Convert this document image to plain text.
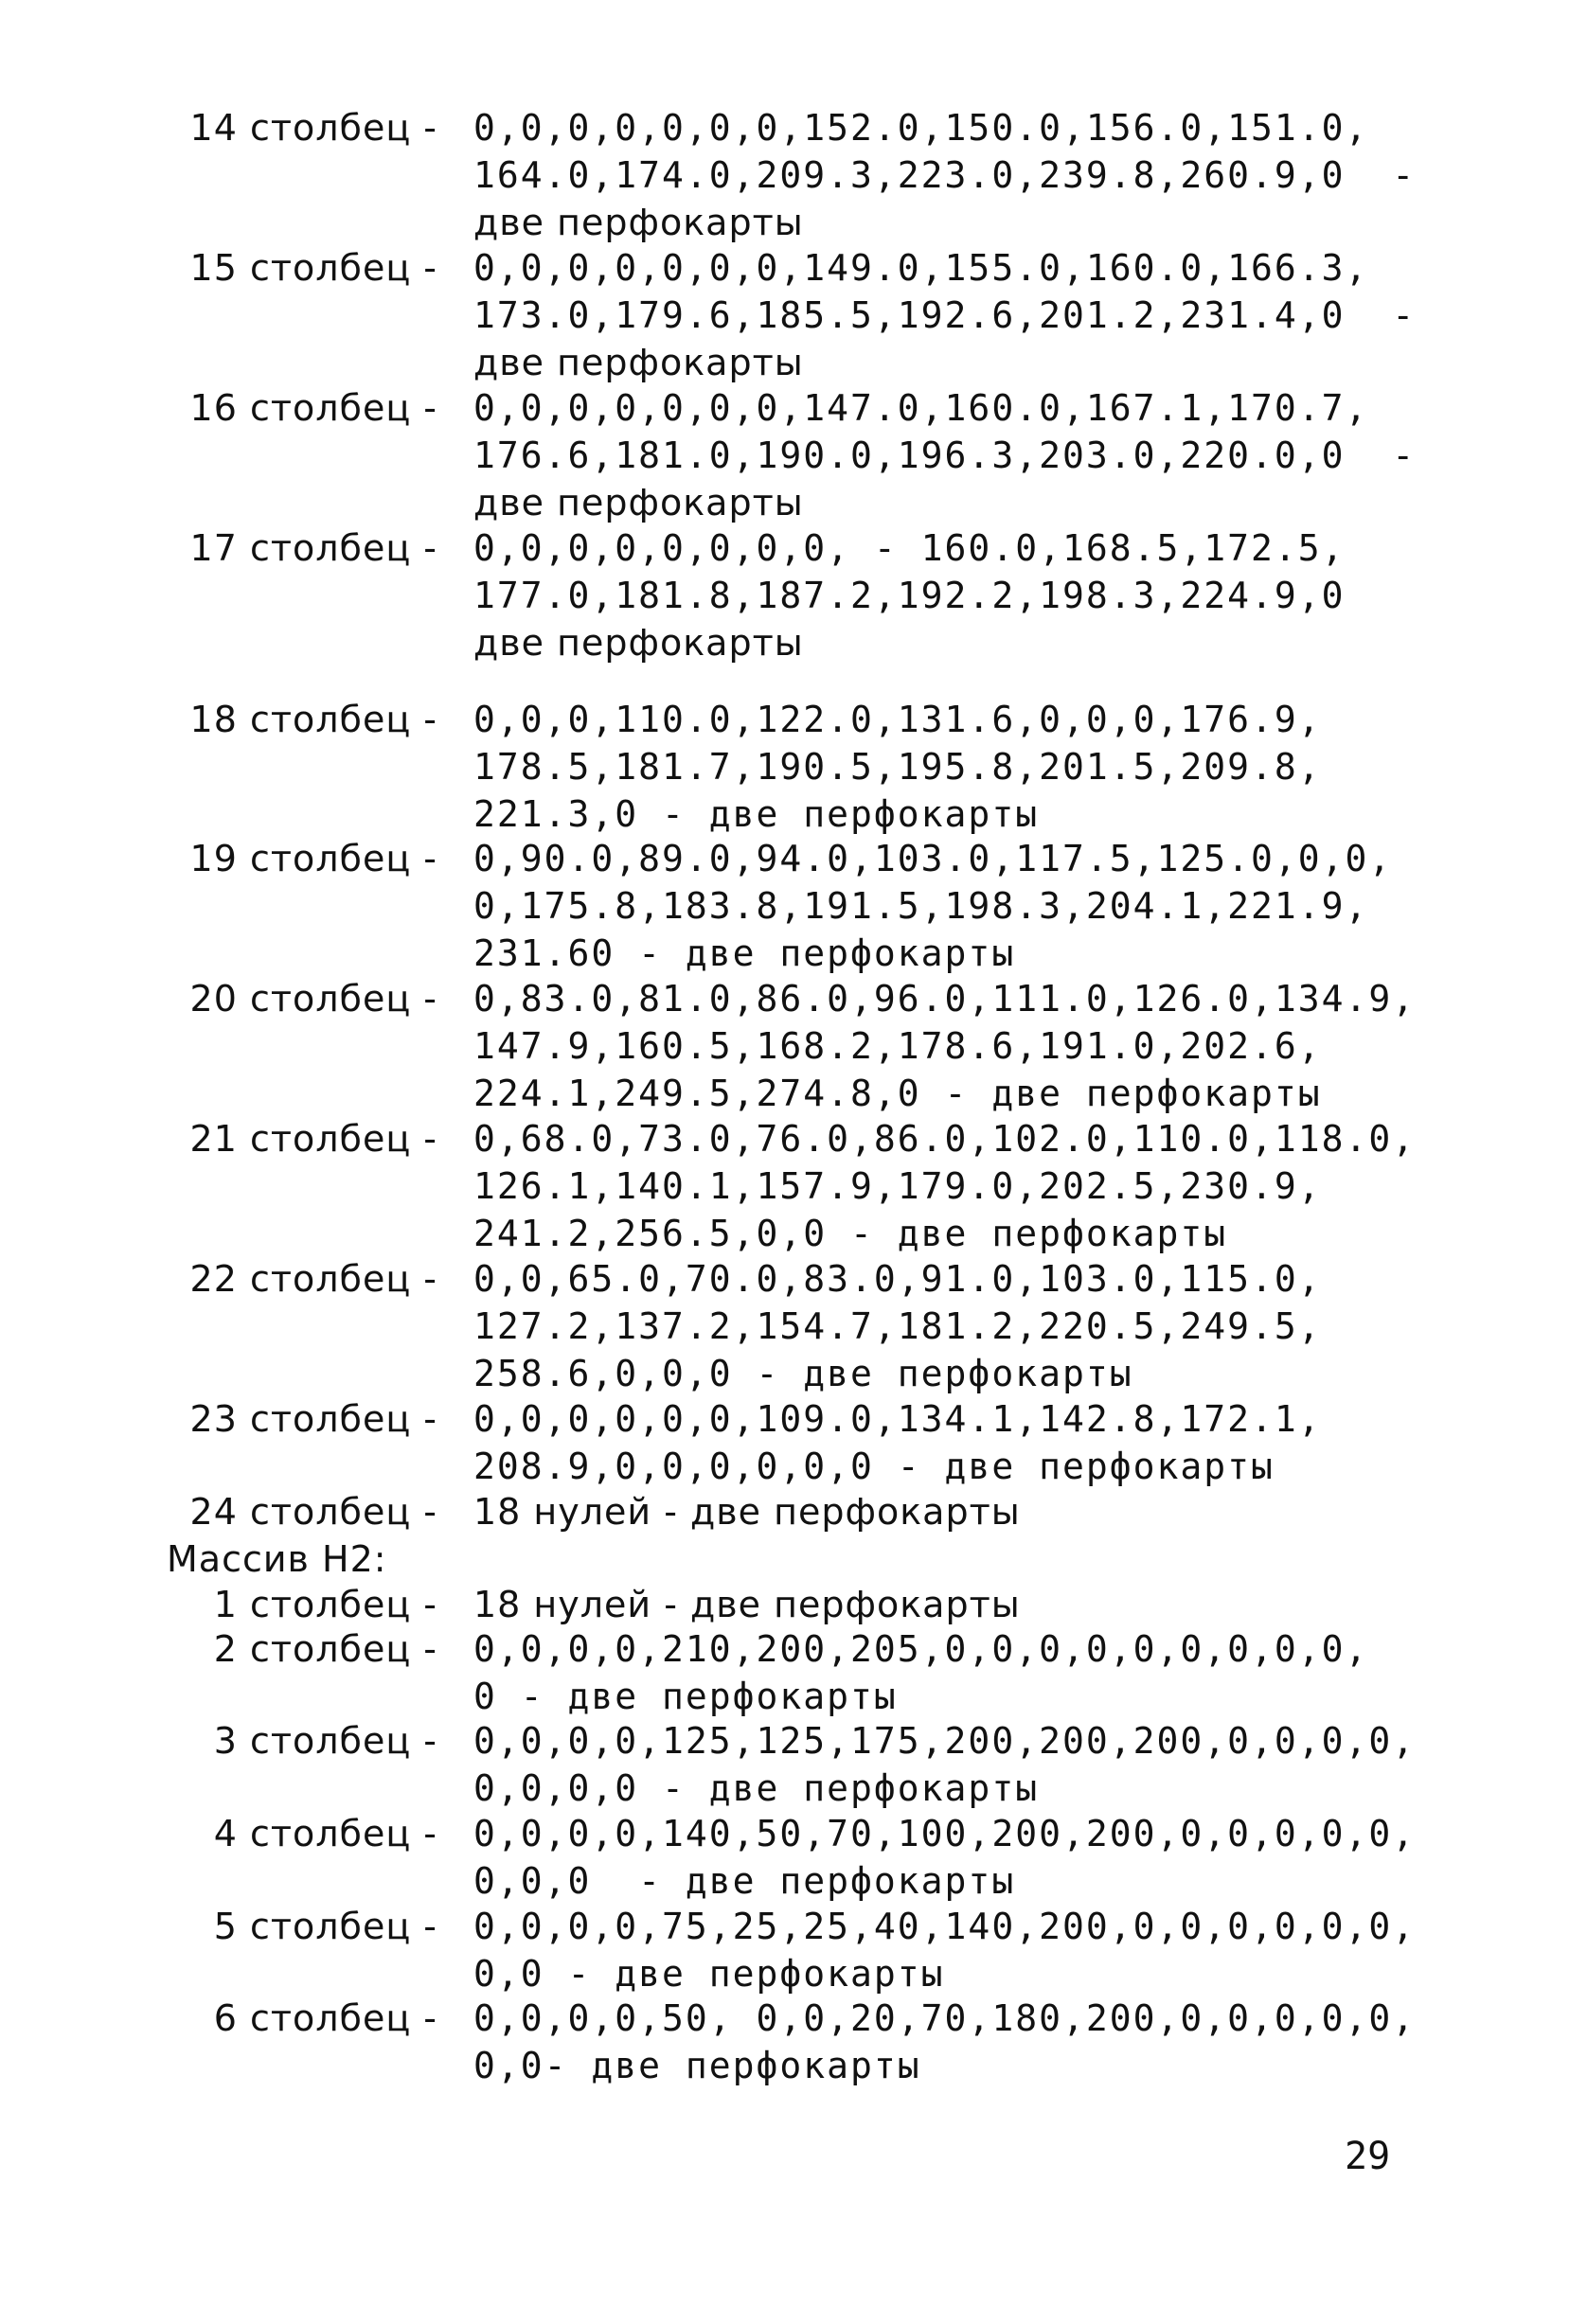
14 столбец - 0,0,0,0,0,0,0,152.0,150.0,156.0,151.0,
164.0,174.0,209.3,223.0,239.8,260.9,0  -
две перфокарты
15 столбец - 0,0,0,0,0,0,0,149.0,155.0,160.0,166.3,
173.0,179.6,185.5,192.6,201.2,231.4,0  -
две перфокарты
16 столбец - 0,0,0,0,0,0,0,147.0,160.0,167.1,170.7,
176.6,181.0,190.0,196.3,203.0,220.0,0  -
две перфокарты
17 столбец - 0,0,0,0,0,0,0,0, - 160.0,168.5,172.5,
177.0,181.8,187.2,192.2,198.3,224.9,0
две перфокарты
18 столбец - 0,0,0,110.0,122.0,131.6,0,0,0,176.9,
178.5,181.7,190.5,195.8,201.5,209.8,
221.3,0 - две перфокарты
19 столбец - 0,90.0,89.0,94.0,103.0,117.5,125.0,0,0,
0,175.8,183.8,191.5,198.3,204.1,221.9,
231.60 - две перфокарты
20 столбец - 0,83.0,81.0,86.0,96.0,111.0,126.0,134.9,
147.9,160.5,168.2,178.6,191.0,202.6,
224.1,249.5,274.8,0 - две перфокарты
21 столбец - 0,68.0,73.0,76.0,86.0,102.0,110.0,118.0,
126.1,140.1,157.9,179.0,202.5,230.9,
241.2,256.5,0,0 - две перфокарты
22 столбец - 0,0,65.0,70.0,83.0,91.0,103.0,115.0,
127.2,137.2,154.7,181.2,220.5,249.5,
258.6,0,0,0 - две перфокарты
23 столбец - 0,0,0,0,0,0,109.0,134.1,142.8,172.1,
208.9,0,0,0,0,0,0 - две перфокарты
24 столбец - 18 нулей - две перфокарты
Массив Н2:
1 столбец - 18 нулей - две перфокарты
2 столбец - 0,0,0,0,210,200,205,0,0,0,0,0,0,0,0,0,
0 - две перфокарты
3 столбец - 0,0,0,0,125,125,175,200,200,200,0,0,0,0,
0,0,0,0 - две перфокарты
4 столбец - 0,0,0,0,140,50,70,100,200,200,0,0,0,0,0,
0,0,0  - две перфокарты
5 столбец - 0,0,0,0,75,25,25,40,140,200,0,0,0,0,0,0,
0,0 - две перфокарты
6 столбец - 0,0,0,0,50, 0,0,20,70,180,200,0,0,0,0,0,
0,0- две перфокарты
29
